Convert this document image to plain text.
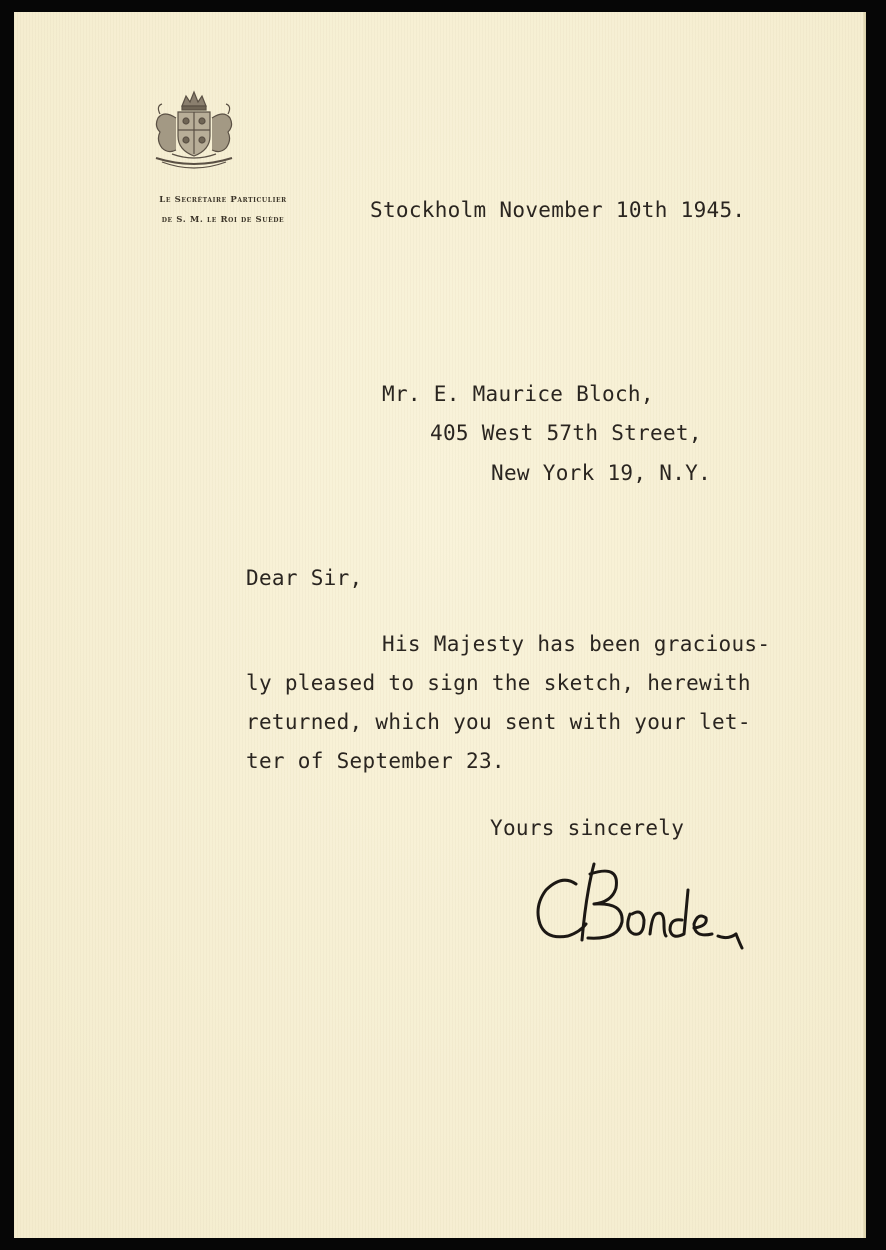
Le Secrétaire Particulier
de S. M. le Roi de Suède	Stockholm November 10th 1945.
Mr. E. Maurice Bloch,
405 West 57th Street,
New York 19, N.Y.
Dear Sir,
His Majesty has been gracious-
ly pleased to sign the sketch, herewith
returned, which you sent with your let-
ter of September 23.
Yours sincerely
